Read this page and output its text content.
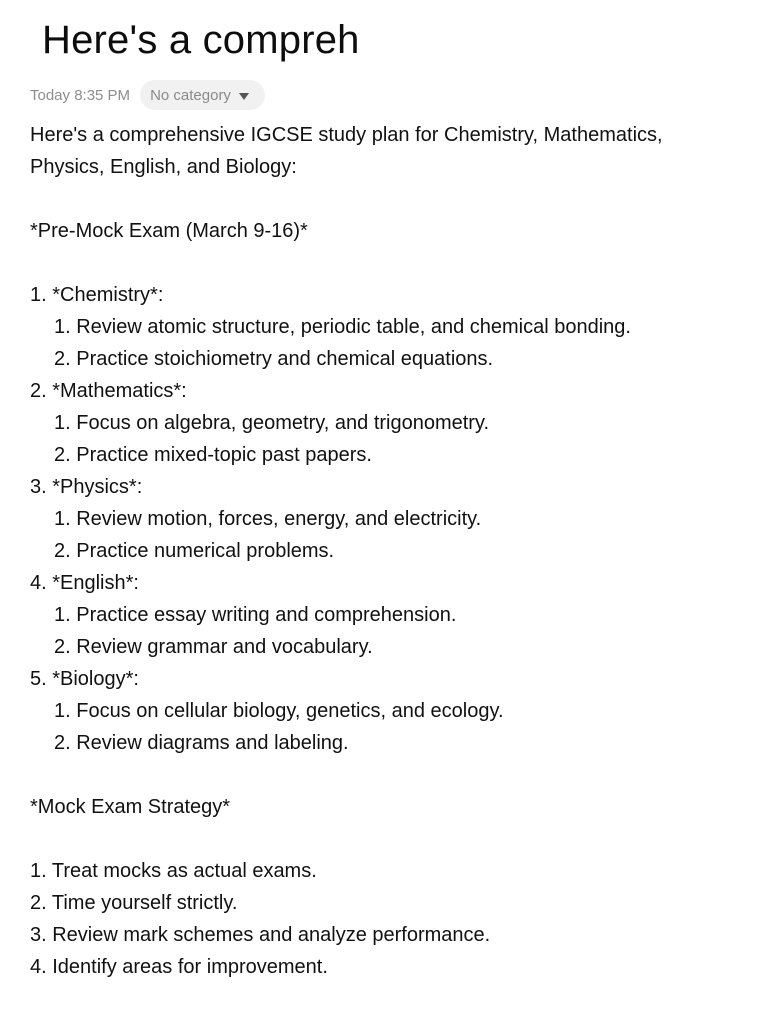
Here's a compreh
Today 8:35 PM No category
Here's a comprehensive IGCSE study plan for Chemistry, Mathematics, Physics, English, and Biology:
*Pre-Mock Exam (March 9-16)*
1. *Chemistry*:
1. Review atomic structure, periodic table, and chemical bonding.
2. Practice stoichiometry and chemical equations.
2. *Mathematics*:
1. Focus on algebra, geometry, and trigonometry.
2. Practice mixed-topic past papers.
3. *Physics*:
1. Review motion, forces, energy, and electricity.
2. Practice numerical problems.
4. *English*:
1. Practice essay writing and comprehension.
2. Review grammar and vocabulary.
5. *Biology*:
1. Focus on cellular biology, genetics, and ecology.
2. Review diagrams and labeling.
*Mock Exam Strategy*
1. Treat mocks as actual exams.
2. Time yourself strictly.
3. Review mark schemes and analyze performance.
4. Identify areas for improvement.
